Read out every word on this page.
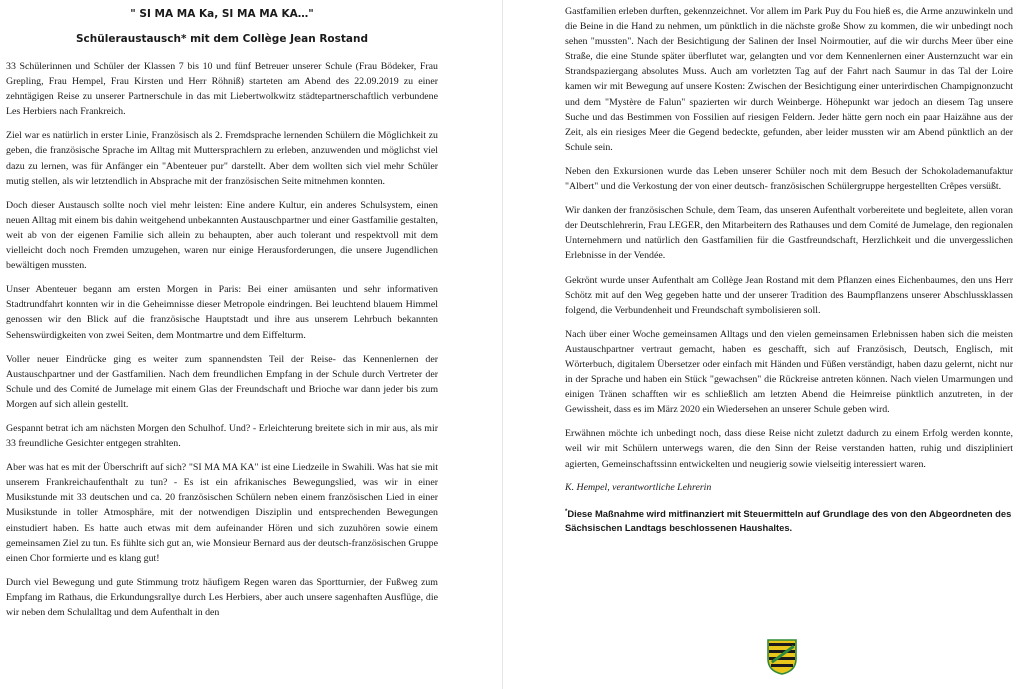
" SI MA MA Ka, SI MA MA KA…"
Schüleraustausch* mit dem Collège Jean Rostand

33 Schülerinnen und Schüler der Klassen 7 bis 10 und fünf Betreuer unserer Schule (Frau Bödeker, Frau Grepling, Frau Hempel, Frau Kirsten und Herr Röhniß) starteten am Abend des 22.09.2019 zu einer zehntägigen Reise zu unserer Partnerschule in das mit Liebertwolkwitz städtepartnerschaftlich verbundene Les Herbiers nach Frankreich.

Ziel war es natürlich in erster Linie, Französisch als 2. Fremdsprache lernenden Schülern die Möglichkeit zu geben, die französische Sprache im Alltag mit Muttersprachlern zu erleben, anzuwenden und möglichst viel dazu zu lernen, was für Anfänger ein "Abenteuer pur" darstellt. Aber dem wollten sich viel mehr Schüler mutig stellen, als wir letztendlich in Absprache mit der französischen Seite mitnehmen konnten.

Doch dieser Austausch sollte noch viel mehr leisten: Eine andere Kultur, ein anderes Schulsystem, einen neuen Alltag mit einem bis dahin weitgehend unbekannten Austauschpartner und einer Gastfamilie gestalten, weit ab von der eigenen Familie sich allein zu behaupten, aber auch tolerant und respektvoll mit dem vielleicht doch noch Fremden umzugehen, waren nur einige Herausforderungen, die unsere Jugendlichen bewältigen mussten.

Unser Abenteuer begann am ersten Morgen in Paris: Bei einer amüsanten und sehr informativen Stadtrundfahrt konnten wir in die Geheimnisse dieser Metropole eindringen. Bei leuchtend blauem Himmel genossen wir den Blick auf die französische Hauptstadt und ihre aus unserem Lehrbuch bekannten Sehenswürdigkeiten von zwei Seiten, dem Montmartre und dem Eiffelturm.

Voller neuer Eindrücke ging es weiter zum spannendsten Teil der Reise- das Kennenlernen der Austauschpartner und der Gastfamilien. Nach dem freundlichen Empfang in der Schule durch Vertreter der Schule und des Comité de Jumelage mit einem Glas der Freundschaft und Brioche war dann jeder bis zum Morgen auf sich allein gestellt.

Gespannt betrat ich am nächsten Morgen den Schulhof. Und? - Erleichterung breitete sich in mir aus, als mir 33 freundliche Gesichter entgegen strahlten.

Aber was hat es mit der Überschrift auf sich? "SI MA MA KA" ist eine Liedzeile in Swahili. Was hat sie mit unserem Frankreichaufenthalt zu tun? - Es ist ein afrikanisches Bewegungslied, was wir in einer Musikstunde mit 33 deutschen und ca. 20 französischen Schülern neben einem französischen Lied in einer Musikstunde in toller Atmosphäre, mit der notwendigen Disziplin und entsprechenden Bewegungen einstudiert haben. Es hatte auch etwas mit dem aufeinander Hören und sich zuzuhören sowie einem gemeinsamen Ziel zu tun. Es fühlte sich gut an, wie Monsieur Bernard aus der deutsch-französischen Gruppe einen Chor formierte und es klang gut!

Durch viel Bewegung und gute Stimmung trotz häufigem Regen waren das Sportturnier, der Fußweg zum Empfang im Rathaus, die Erkundungsrallye durch Les Herbiers, aber auch unsere sagenhaften Ausflüge, die wir neben dem Schulalltag und dem Aufenthalt in den

Gastfamilien erleben durften, gekennzeichnet. Vor allem im Park Puy du Fou hieß es, die Arme anzuwinkeln und die Beine in die Hand zu nehmen, um pünktlich in die nächste große Show zu kommen, die wir unbedingt noch sehen "mussten". Nach der Besichtigung der Salinen der Insel Noirmoutier, auf die wir durchs Meer über eine Straße, die eine Stunde später überflutet war, gelangten und vor dem Kennenlernen einer Austernzucht war ein Strandspaziergang absolutes Muss. Auch am vorletzten Tag auf der Fahrt nach Saumur in das Tal der Loire kamen wir mit Bewegung auf unsere Kosten: Zwischen der Besichtigung einer unterirdischen Champignonzucht und dem "Mystère de Falun" spazierten wir durch Weinberge. Höhepunkt war jedoch an diesem Tag unsere Suche und das Bestimmen von Fossilien auf riesigen Feldern. Jeder hätte gern noch ein paar Haizähne aus der Zeit, als ein riesiges Meer die Gegend bedeckte, gefunden, aber leider mussten wir am Abend pünktlich an der Schule sein.

Neben den Exkursionen wurde das Leben unserer Schüler noch mit dem Besuch der Schokolademanufaktur "Albert" und die Verkostung der von einer deutsch- französischen Schülergruppe hergestellten Crêpes versüßt.

Wir danken der französischen Schule, dem Team, das unseren Aufenthalt vorbereitete und begleitete, allen voran der Deutschlehrerin, Frau LEGER, den Mitarbeitern des Rathauses und dem Comité de Jumelage, den regionalen Unternehmern und natürlich den Gastfamilien für die Gastfreundschaft, Herzlichkeit und die unvergesslichen Erlebnisse in der Vendée.

Gekrönt wurde unser Aufenthalt am Collège Jean Rostand mit dem Pflanzen eines Eichenbaumes, den uns Herr Schötz mit auf den Weg gegeben hatte und der unserer Tradition des Baumpflanzens unserer Abschlussklassen folgend, die Verbundenheit und Freundschaft symbolisieren soll.

Nach über einer Woche gemeinsamen Alltags und den vielen gemeinsamen Erlebnissen haben sich die meisten Austauschpartner vertraut gemacht, haben es geschafft, sich auf Französisch, Deutsch, Englisch, mit Wörterbuch, digitalem Übersetzer oder einfach mit Händen und Füßen verständigt, haben dazu gelernt, nicht nur in der Sprache und haben ein Stück "gewachsen" die Rückreise antreten können. Nach vielen Umarmungen und einigen Tränen schafften wir es schließlich am letzten Abend die Heimreise pünktlich anzutreten, in der Gewissheit, dass es im März 2020 ein Wiedersehen an unserer Schule geben wird.

Erwähnen möchte ich unbedingt noch, dass diese Reise nicht zuletzt dadurch zu einem Erfolg werden konnte, weil wir mit Schülern unterwegs waren, die den Sinn der Reise verstanden hatten, ruhig und diszipliniert agierten, Gemeinschaftssinn entwickelten und neugierig sowie vielseitig interessiert waren.

K. Hempel, verantwortliche Lehrerin

*Diese Maßnahme wird mitfinanziert mit Steuermitteln auf Grundlage des von den Abgeordneten des Sächsischen Landtags beschlossenen Haushaltes.
